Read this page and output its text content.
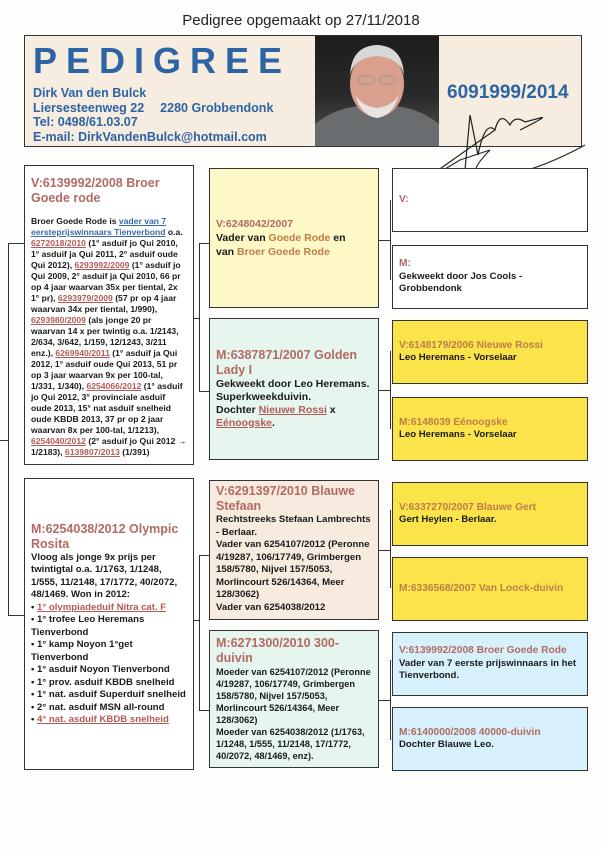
Pedigree opgemaakt op 27/11/2018
PEDIGREE
Dirk Van den Bulck
Liersesteenweg 22 2280 Grobbendonk
Tel: 0498/61.03.07
E-mail: DirkVandenBulck@hotmail.com
6091999/2014
V:6139992/2008 Broer Goede rode
Broer Goede Rode is vader van 7 eersteprijswinnaars Tienverbond o.a. 6272018/2010 (1° asduif jo Qui 2010, 1° asduif ja Qui 2011, 2° asduif oude Qui 2012), 6293992/2009 (1° asduif jo Qui 2009, 2° asduif ja Qui 2010, 66 pr op 4 jaar waarvan 35x per tiental, 2x 1° pr), 6293979/2009 (57 pr op 4 jaar waarvan 34x per tiental, 1/990), 6293980/2009 (als jonge 20 pr waarvan 14 x per twintig o.a. 1/2143, 2/634, 3/642, 1/159, 12/1243, 3/211 enz.), 6269940/2011 (1° asduif ja Qui 2012, 1° asduif oude Qui 2013, 51 pr op 3 jaar waarvan 9x per 100-tal, 1/331, 1/340), 6254066/2012 (1° asduif jo Qui 2012, 3° provinciale asduif oude 2013, 15° nat asduif snelheid oude KBDB 2013, 37 pr op 2 jaar waarvan 8x per 100-tal, 1/1213), 6254040/2012 (2° asduif jo Qui 2012 → 1/2183), 6139807/2013 (1/391)
M:6254038/2012 Olympic Rosita
Vloog als jonge 9x prijs per twintigtal o.a. 1/1763, 1/1248, 1/555, 11/2148, 17/1772, 40/2072, 48/1469. Won in 2012:
• 1° olympiadeduif Nitra cat. F
• 1° trofee Leo Heremans Tienverbond
• 1° kamp Noyon 1°get Tienverbond
• 1° asduif Noyon Tienverbond
• 1° prov. asduif KBDB snelheid
• 1° nat. asduif Superduif snelheid
• 2° nat. asduif MSN all-round
• 4° nat. asduif KBDB snelheid
V:6248042/2007
Vader van Goede Rode en
van Broer Goede Rode
M:6387871/2007 Golden Lady I
Gekweekt door Leo Heremans.
Superkweekduivin.
Dochter Nieuwe Rossi x Eénoogske.
V:6291397/2010 Blauwe Stefaan
Rechtstreeks Stefaan Lambrechts - Berlaar.
Vader van 6254107/2012 (Peronne 4/19287, 106/17749, Grimbergen 158/5780, Nijvel 157/5053, Morlincourt 526/14364, Meer 128/3062)
Vader van 6254038/2012
M:6271300/2010 300-duivin
Moeder van 6254107/2012 (Peronne 4/19287, 106/17749, Grimbergen 158/5780, Nijvel 157/5053, Morlincourt 526/14364, Meer 128/3062)
Moeder van 6254038/2012 (1/1763, 1/1248, 1/555, 11/2148, 17/1772, 40/2072, 48/1469, enz).
V:
M:
Gekweekt door Jos Cools - Grobbendonk
V:6148179/2006 Nieuwe Rossi
Leo Heremans - Vorselaar
M:6148039 Eénoogske
Leo Heremans - Vorselaar
V:6337270/2007 Blauwe Gert
Gert Heylen - Berlaar.
M:6336568/2007 Van Loock-duivin
V:6139992/2008 Broer Goede Rode
Vader van 7 eerste prijswinnaars in het Tienverbond.
M:6140000/2008 40000-duivin
Dochter Blauwe Leo.
